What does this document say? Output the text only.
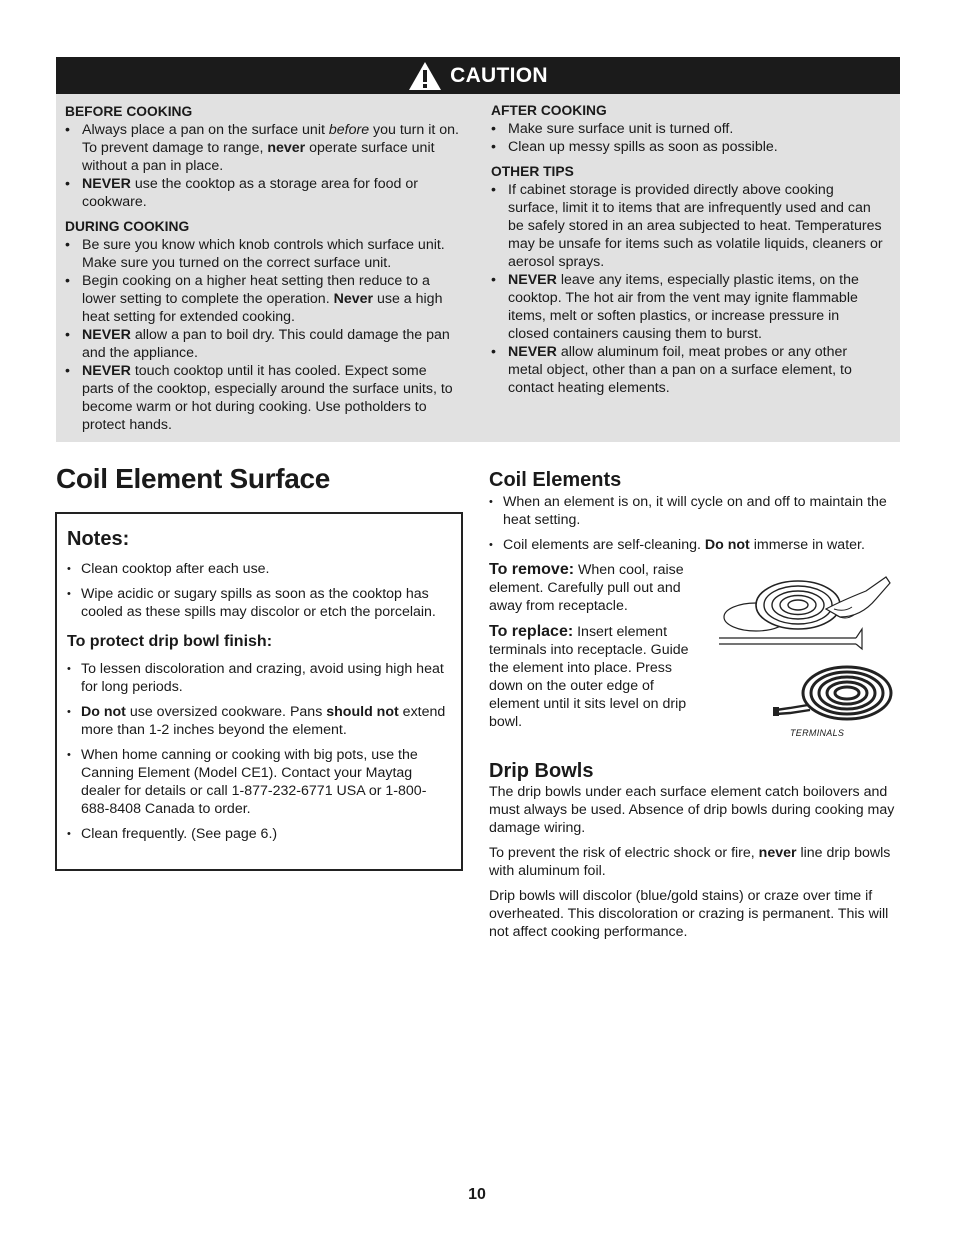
CAUTION

BEFORE COOKING

• Always place a pan on the surface unit before you turn it on. To prevent damage to range, never operate surface unit without a pan in place.
• NEVER use the cooktop as a storage area for food or cookware.

DURING COOKING

• Be sure you know which knob controls which surface unit. Make sure you turned on the correct surface unit.
• Begin cooking on a higher heat setting then reduce to a lower setting to complete the operation. Never use a high heat setting for extended cooking.
• NEVER allow a pan to boil dry. This could damage the pan and the appliance.
• NEVER touch cooktop until it has cooled. Expect some parts of the cooktop, especially around the surface units, to become warm or hot during cooking. Use potholders to protect hands.

AFTER COOKING

• Make sure surface unit is turned off.
• Clean up messy spills as soon as possible.

OTHER TIPS

• If cabinet storage is provided directly above cooking surface, limit it to items that are infrequently used and can be safely stored in an area subjected to heat. Temperatures may be unsafe for items such as volatile liquids, cleaners or aerosol sprays.
• NEVER leave any items, especially plastic items, on the cooktop. The hot air from the vent may ignite flammable items, melt or soften plastics, or increase pressure in closed containers causing them to burst.
• NEVER allow aluminum foil, meat probes or any other metal object, other than a pan on a surface element, to contact heating elements.
Coil Element Surface

Notes:

• Clean cooktop after each use.
• Wipe acidic or sugary spills as soon as the cooktop has cooled as these spills may discolor or etch the porcelain.

To protect drip bowl finish:

• To lessen discoloration and crazing, avoid using high heat for long periods.
• Do not use oversized cookware. Pans should not extend more than 1-2 inches beyond the element.
• When home canning or cooking with big pots, use the Canning Element (Model CE1). Contact your Maytag dealer for details or call 1-877-232-6771 USA or 1-800-688-8408 Canada to order.
• Clean frequently. (See page 6.)

Coil Elements

• When an element is on, it will cycle on and off to maintain the heat setting.
• Coil elements are self-cleaning. Do not immerse in water.

To remove: When cool, raise element. Carefully pull out and away from receptacle.

To replace: Insert element terminals into receptacle. Guide the element into place. Press down on the outer edge of element until it sits level on drip bowl.

TERMINALS

Drip Bowls

The drip bowls under each surface element catch boilovers and must always be used. Absence of drip bowls during cooking may damage wiring.

To prevent the risk of electric shock or fire, never line drip bowls with aluminum foil.

Drip bowls will discolor (blue/gold stains) or craze over time if overheated. This discoloration or crazing is permanent. This will not affect cooking performance.

10
